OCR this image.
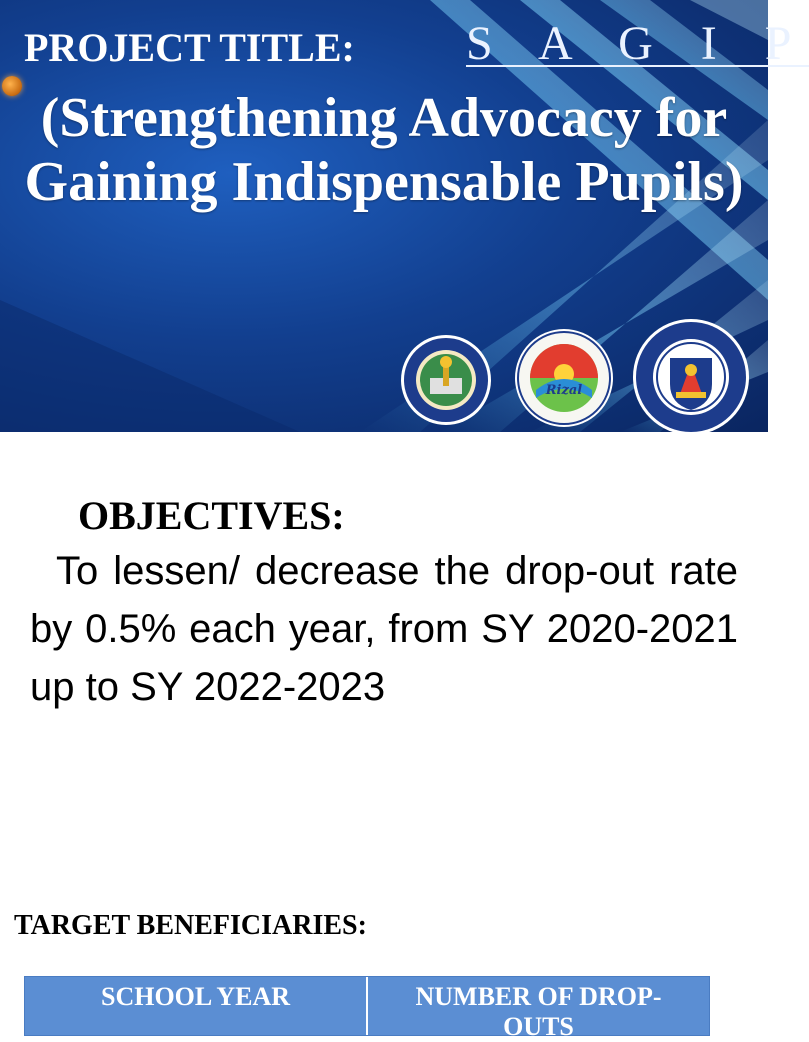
PROJECT TITLE: S A G I P
(Strengthening Advocacy for Gaining Indispensable Pupils)
Rizal
OBJECTIVES:
To lessen/ decrease the drop-out rate by 0.5% each year, from SY 2020-2021 up to SY 2022-2023
TARGET BENEFICIARIES:
SCHOOL YEAR	NUMBER OF DROP-OUTS
